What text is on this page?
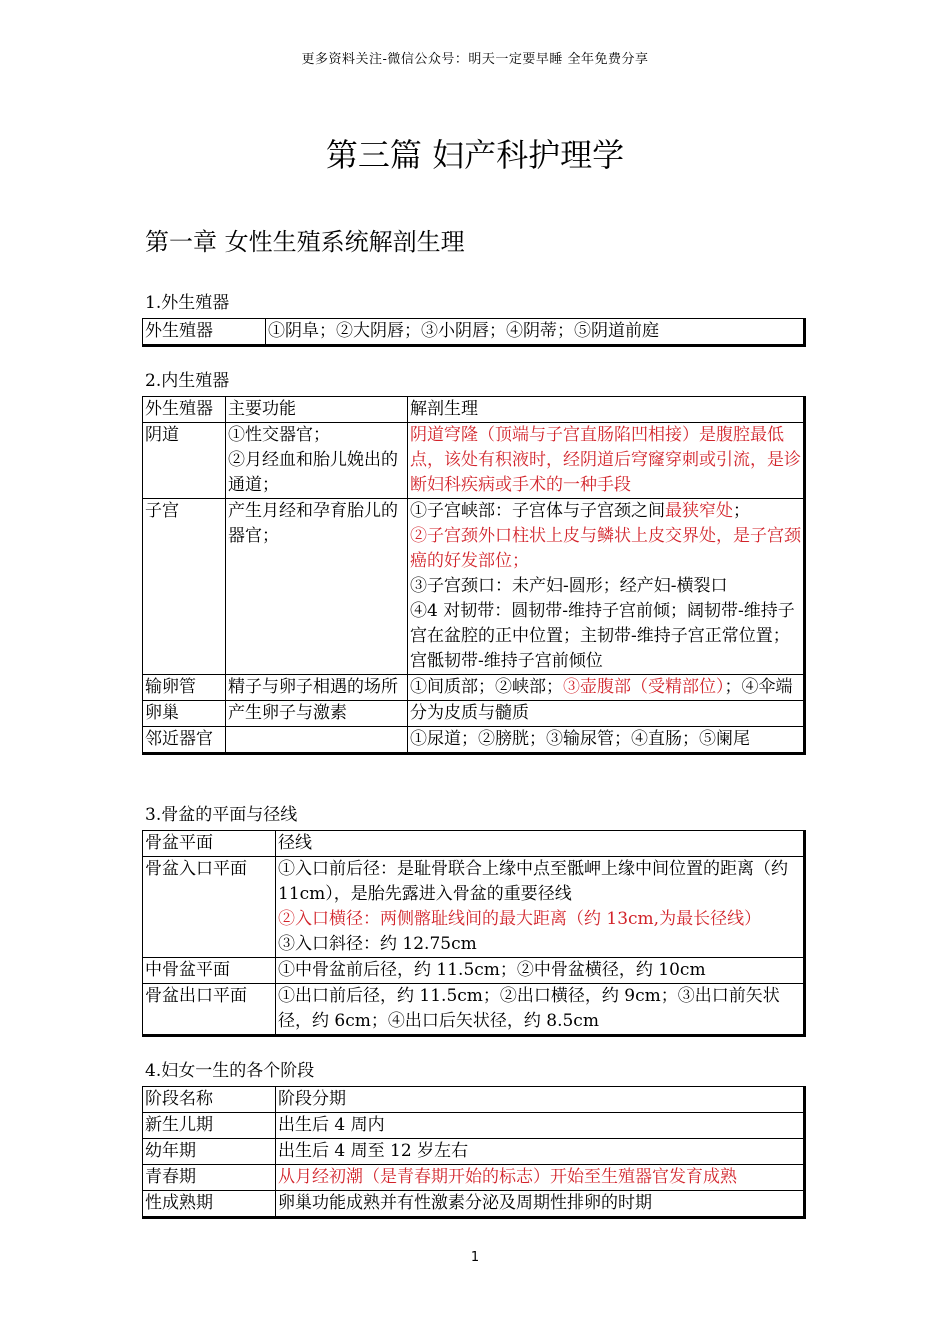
更多资料关注-微信公众号：明天一定要早睡 全年免费分享
第三篇 妇产科护理学
第一章 女性生殖系统解剖生理
1.外生殖器
外生殖器	①阴阜；②大阴唇；③小阴唇；④阴蒂；⑤阴道前庭
2.内生殖器
外生殖器	主要功能	解剖生理
阴道	①性交器官；
②月经血和胎儿娩出的通道；	阴道穹隆（顶端与子宫直肠陷凹相接）是腹腔最低点，该处有积液时，经阴道后穹窿穿刺或引流，是诊断妇科疾病或手术的一种手段
子宫	产生月经和孕育胎儿的器官；	①子宫峡部：子宫体与子宫颈之间最狭窄处；
②子宫颈外口柱状上皮与鳞状上皮交界处，是子宫颈癌的好发部位；
③子宫颈口：未产妇-圆形；经产妇-横裂口
④4 对韧带：圆韧带-维持子宫前倾；阔韧带-维持子宫在盆腔的正中位置；主韧带-维持子宫正常位置；宫骶韧带-维持子宫前倾位

输卵管	精子与卵子相遇的场所	①间质部；②峡部；③壶腹部（受精部位）；④伞端
卵巢	产生卵子与激素	分为皮质与髓质
邻近器官		①尿道；②膀胱；③输尿管；④直肠；⑤阑尾
3.骨盆的平面与径线
骨盆平面	径线
骨盆入口平面	①入口前后径：是耻骨联合上缘中点至骶岬上缘中间位置的距离（约 11cm），是胎先露进入骨盆的重要径线
②入口横径：两侧髂耻线间的最大距离（约 13cm,为最长径线）
③入口斜径：约 12.75cm

中骨盆平面	①中骨盆前后径，约 11.5cm；②中骨盆横径，约 10cm
骨盆出口平面	①出口前后径，约 11.5cm；②出口横径，约 9cm；③出口前矢状径，约 6cm；④出口后矢状径，约 8.5cm
4.妇女一生的各个阶段
阶段名称	阶段分期
新生儿期	出生后 4 周内
幼年期	出生后 4 周至 12 岁左右
青春期	从月经初潮（是青春期开始的标志）开始至生殖器官发育成熟
性成熟期	卵巢功能成熟并有性激素分泌及周期性排卵的时期
1
